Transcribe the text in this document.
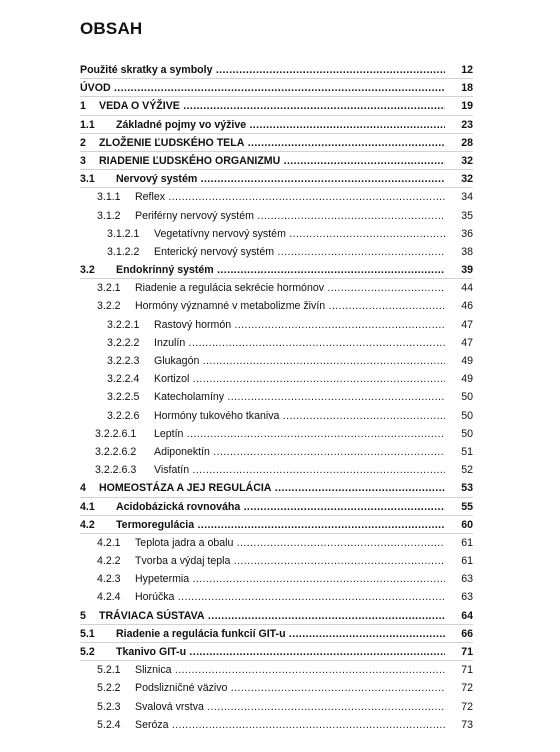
OBSAH
Použité skratky a symboly .....	12
ÚVOD .....	18
1 VEDA O VÝŽIVE .....	19
1.1 Základné pojmy vo výžive .....	23
2 ZLOŽENIE ĽUDSKÉHO TELA .....	28
3 RIADENIE ĽUDSKÉHO ORGANIZMU .....	32
3.1 Nervový systém .....	32
3.1.1 Reflex .....	34
3.1.2 Periférny nervový systém .....	35
3.1.2.1 Vegetatívny nervový systém .....	36
3.1.2.2 Enterický nervový systém .....	38
3.2 Endokrinný systém .....	39
3.2.1 Riadenie a regulácia sekrécie hormónov .....	44
3.2.2 Hormóny významné v metabolizme živín .....	46
3.2.2.1 Rastový hormón .....	47
3.2.2.2 Inzulín .....	47
3.2.2.3 Glukagón .....	49
3.2.2.4 Kortizol .....	49
3.2.2.5 Katecholamíny .....	50
3.2.2.6 Hormóny tukového tkaniva .....	50
3.2.2.6.1 Leptín .....	50
3.2.2.6.2 Adiponektín .....	51
3.2.2.6.3 Visfatín .....	52
4 HOMEOSTÁZA A JEJ REGULÁCIA .....	53
4.1 Acidobázická rovnováha .....	55
4.2 Termoregulácia .....	60
4.2.1 Teplota jadra a obalu .....	61
4.2.2 Tvorba a výdaj tepla .....	61
4.2.3 Hypetermia .....	63
4.2.4 Horúčka .....	63
5 TRÁVIACA SÚSTAVA .....	64
5.1 Riadenie a regulácia funkcií GIT-u .....	66
5.2 Tkanivo GIT-u .....	71
5.2.1 Sliznica .....	71
5.2.2 Podslizničné väzivo .....	72
5.2.3 Svalová vrstva .....	72
5.2.4 Seróza .....	73
